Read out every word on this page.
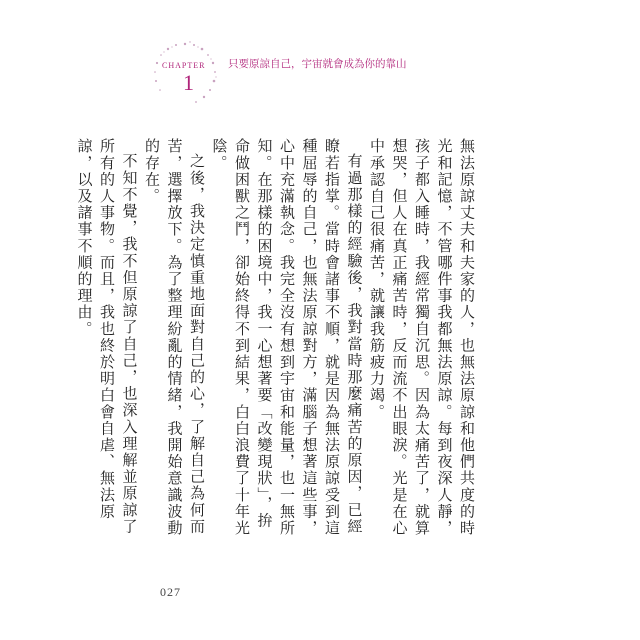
CHAPTER
1
只要原諒自己，宇宙就會成為你的靠山

無法原諒丈夫和夫家的人，也無法原諒和他們共度的時光和記憶，不管哪件事我都無法原諒。每到夜深人靜，孩子都入睡時，我經常獨自沉思。因為太痛苦了，就算想哭，但人在真正痛苦時，反而流不出眼淚。光是在心中承認自己很痛苦，就讓我筋疲力竭。

有過那樣的經驗後，我對當時那麼痛苦的原因，已經瞭若指掌。當時會諸事不順，就是因為無法原諒受到這種屈辱的自己，也無法原諒對方，滿腦子想著這些事，心中充滿執念。我完全沒有想到宇宙和能量，也一無所知。在那樣的困境中，我一心想著要「改變現狀」，拚命做困獸之鬥，卻始終得不到結果，白白浪費了十年光陰。

之後，我決定慎重地面對自己的心，了解自己為何而苦，選擇放下。為了整理紛亂的情緒，我開始意識波動的存在。

不知不覺，我不但原諒了自己，也深入理解並原諒了所有的人事物。而且，我也終於明白會自虐、無法原諒，以及諸事不順的理由。

027
